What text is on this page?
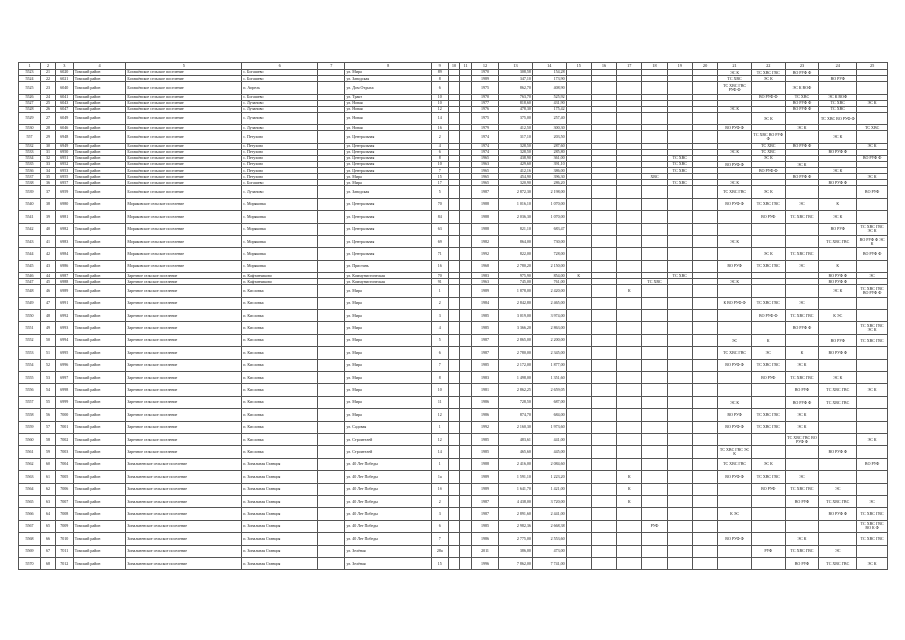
1	2	3	4	5	6	7	8	9	10	11	12	13	14	15	16	17	18	19	20	21	22	23	24	25
5523	21	6020	Томский район	Богашёвское сельское поселение	с. Богашево		ул. Мира	89			1970	308,58	154,28							ЭС К	ТС ХВС ГВС	ВО РУФ Ф		
5524	22	6021	Томский район	Богашёвское сельское поселение	с. Богашево		ул. Заводская	8			1989	347,10	173,90							ТС ХВС	ЭС К		ВО РУФ	
5525	23	6040	Томский район	Богашёвское сельское поселение	п. Апрель		ул. Дом Отдыха	6			1975	862,70	408,90							ТС ХВС ГВС РУФ Ф		ЭС К ВОФ		
5526	24	6041	Томский район	Богашёвское сельское поселение	с. Богашево		ул. Тракт	10			1970	763,70	525,92								ВО РУФ Ф	ТС ХВС	ЭС К ВОФ	
5527	25	6043	Томский район	Богашёвское сельское поселение	с. Лучаново		ул. Новая	10			1977	818,60	431,90									ВО РУФ Ф	ТС ХВС	ЭС К
5528	26	6047	Томский район	Богашёвское сельское поселение	с. Лучаново		ул. Новая	12			1976	478,30	175,42							ЭС К		ВО РУФ Ф	ТС ХВС	
5529	27	6049	Томский район	Богашёвское сельское поселение	с. Лучаново		ул. Новая	14			1975	375,00	257,40								ЭС К		ТС ХВС ВО РУФ Ф	
5530	28	6046	Томский район	Богашёвское сельское поселение	с. Лучаново		ул. Новая	16			1979	412,50	300,30							ВО РУФ Ф		ЭС К		ТС ХВС
557	29	6948	Томский район	Богашёвское сельское поселение	с. Петухово		ул. Центральная	2			1974	317,10	203,50								ТС ХВС ВО РУФ Ф		ЭС К	
5532	30	6949	Томский район	Богашёвское сельское поселение	с. Петухово		ул. Центральная	4			1974	328,50	287,60								ТС ХВС	ВО РУФ Ф		ЭС К
5533	31	6950	Томский район	Богашёвское сельское поселение	с. Петухово		ул. Центральная	6			1974	328,50	285,80							ЭС К	ТС ХВС		ВО РУФ Ф	
5534	32	6951	Томский район	Богашёвское сельское поселение	с. Петухово		ул. Центральная	8			1965	438,90	361,00					ТС ХВС			ЭС К			ВО РУФ Ф
5535	33	6952	Томский район	Богашёвское сельское поселение	с. Петухово		ул. Центральная	10			1963	429,60	391,10					ТС ХВС		ВО РУФ Ф		ЭС К		
5536	34	6953	Томский район	Богашёвское сельское поселение	с. Петухово		ул. Центральная	7			1965	412,16	386,00					ТС ХВС			ВО РУФ Ф		ЭС К	
5537	35	6955	Томский район	Богашёвское сельское поселение	с. Петухово		ул. Мира	15			1965	454,90	396,30				ХВС					ВО РУФ Ф		ЭС К
5538	36	6957	Томский район	Богашёвское сельское поселение	с. Богашево		ул. Мира	17			1965	320,90	286,20					ТС ХВС		ЭС К			ВО РУФ Ф	
5539	37	6959	Томский район	Богашёвское сельское поселение	с. Лучаново		ул. Заводская	5			1987	2 872,30	2 198,00							ТС ХВС ГВС	ЭС К			ВО РУФ
5540	38	6980	Томский район	Моряковское сельское поселение	с. Моряковка		ул. Центральная	70			1988	1 016,10	1 070,00							ВО РУФ Ф	ТС ХВС ГВС	ЭС	К	
5541	39	6981	Томский район	Моряковское сельское поселение	с. Моряковка		ул. Центральная	84			1988	2 036,30	1 070,00								ВО РУФ	ТС ХВС ГВС	ЭС К	
5542	40	6982	Томский район	Моряковское сельское поселение	с. Моряковка		ул. Центральная	63			1988	821,10	683,47										ВО РУФ	ТС ХВС ГВС ЭС К
5543	41	6983	Томский район	Моряковское сельское поселение	с. Моряковка		ул. Центральная	69			1982	864,00	730,00							ЭС К			ТС ХВС ГВС	ВО РУФ Ф ЭС К
5544	42	6984	Томский район	Моряковское сельское поселение	с. Моряковка		ул. Центральная	71			1992	822,00	728,00								ЭС К	ТС ХВС ГВС		ВО РУФ Ф
5545	43	6986	Томский район	Моряковское сельское поселение	с. Моряковка		ул. Пристань	16			1968	2 780,20	2 150,00							ВО РУФ	ТС ХВС ГВС	ЭС	К	
5546	44	6987	Томский район	Заречное сельское поселение	п. Кафтанчиково		ул. Коммунистическая	70			1983	975,90	854,00	К				ТС ХВС					ВО РУФ Ф	ЭС
5547	45	6988	Томский район	Заречное сельское поселение	п. Кафтанчиково		ул. Коммунистическая	91			1963	745,00	761,00				ТС ХВС			ЭС К			ВО РУФ Ф	
5548	46	6989	Томский район	Заречное сельское поселение	п. Кисловка		ул. Мира	1			1989	1 878,00	2 420,00			К							ЭС К	ТС ХВС ГВС ВО РУФ Ф
5549	47	6991	Томский район	Заречное сельское поселение	п. Кисловка		ул. Мира	2			1984	2 842,80	2 465,00							К ВО РУФ Ф	ТС ХВС ГВС	ЭС		
5550	48	6992	Томский район	Заречное сельское поселение	п. Кисловка		ул. Мира	3			1985	3 019,00	3 974,00								ВО РУФ Ф	ТС ХВС ГВС	К ЭС	
5551	49	6993	Томский район	Заречное сельское поселение	п. Кисловка		ул. Мира	4			1985	3 366,20	2 863,00									ВО РУФ Ф		ТС ХВС ГВС ЭС К
5552	50	6994	Томский район	Заречное сельское поселение	п. Кисловка		ул. Мира	5			1987	2 865,00	2 200,00							ЭС	К		ВО РУФ	ТС ХВС ГВС
5553	51	6995	Томский район	Заречное сельское поселение	п. Кисловка		ул. Мира	6			1987	2 780,00	2 345,00							ТС ХВС ГВС	ЭС	К	ВО РУФ Ф	
5554	52	6996	Томский район	Заречное сельское поселение	п. Кисловка		ул. Мира	7			1985	2 172,00	1 877,00							ВО РУФ Ф	ТС ХВС ГВС	ЭС К		
5555	53	6997	Томский район	Заречное сельское поселение	п. Кисловка		ул. Мира	8			1983	1 498,00	1 351,60								ВО РУФ	ТС ХВС ГВС	ЭС К	
5556	54	6998	Томский район	Заречное сельское поселение	п. Кисловка		ул. Мира	10			1981	2 862,25	2 659,05									ВО РУФ	ТС ХВС ГВС	ЭС К
5557	55	6999	Томский район	Заречное сельское поселение	п. Кисловка		ул. Мира	11			1986	728,50	687,00							ЭС К		ВО РУФ Ф	ТС ХВС ГВС	
5558	56	7000	Томский район	Заречное сельское поселение	п. Кисловка		ул. Мира	12			1986	874,70	684,00							ВО РУФ	ТС ХВС ГВС	ЭС К		
5559	57	7001	Томский район	Заречное сельское поселение	п. Кисловка		ул. Садовая	1			1992	2 160,30	1 973,60							ВО РУФ Ф	ТС ХВС ГВС	ЭС К		
5560	58	7002	Томский район	Заречное сельское поселение	п. Кисловка		ул. Строителей	12			1985	483,61	441,00									ТС ХВС ГВС ВО РУФ Ф		ЭС К
5561	59	7003	Томский район	Заречное сельское поселение	п. Кисловка		ул. Строителей	14			1985	465,60	445,00							ТС ХВС ГВС ЭС К			ВО РУФ Ф	
5562	60	7004	Томский район	Зональненское сельское поселение	п. Зональная Станция		ул. 40 Лет Победы	1			1988	2 416,00	2 084,60							ТС ХВС ГВС	ЭС К			ВО РУФ
5563	61	7005	Томский район	Зональненское сельское поселение	п. Зональная Станция		ул. 40 Лет Победы	1а			1989	1 591,10	1 223,20			К				ВО РУФ Ф	ТС ХВС ГВС	ЭС		
5564	62	7006	Томский район	Зональненское сельское поселение	п. Зональная Станция		ул. 40 Лет Победы	1б			1989	1 641,70	1 421,00			К					ВО РУФ	ТС ХВС ГВС	ЭС	
5565	63	7007	Томский район	Зональненское сельское поселение	п. Зональная Станция		ул. 40 Лет Победы	2			1987	4 438,00	3 720,00			К						ВО РУФ	ТС ХВС ГВС	ЭС
5566	64	7008	Томский район	Зональненское сельское поселение	п. Зональная Станция		ул. 40 Лет Победы	3			1987	2 891,60	2 441,00							К ЭС			ВО РУФ Ф	ТС ХВС ГВС
5567	65	7009	Томский район	Зональненское сельское поселение	п. Зональная Станция		ул. 40 Лет Победы	6			1985	2 982,36	2 668,38				РУФ							ТС ХВС ГВС ВО К Ф
5568	66	7010	Томский район	Зональненское сельское поселение	п. Зональная Станция		ул. 40 Лет Победы	7			1986	2 775,00	2 553,60							ВО РУФ Ф		ЭС К		ТС ХВС ГВС
5569	67	7011	Томский район	Зональненское сельское поселение	п. Зональная Станция		ул. Зелёная	28а			2011	386,00	473,00								РУФ	ТС ХВС ГВС	ЭС	
5570	68	7012	Томский район	Зональненское сельское поселение	п. Зональная Станция		ул. Зелёная	15			1996	7 862,00	7 741,00									ВО РУФ	ТС ХВС ГВС	ЭС К
